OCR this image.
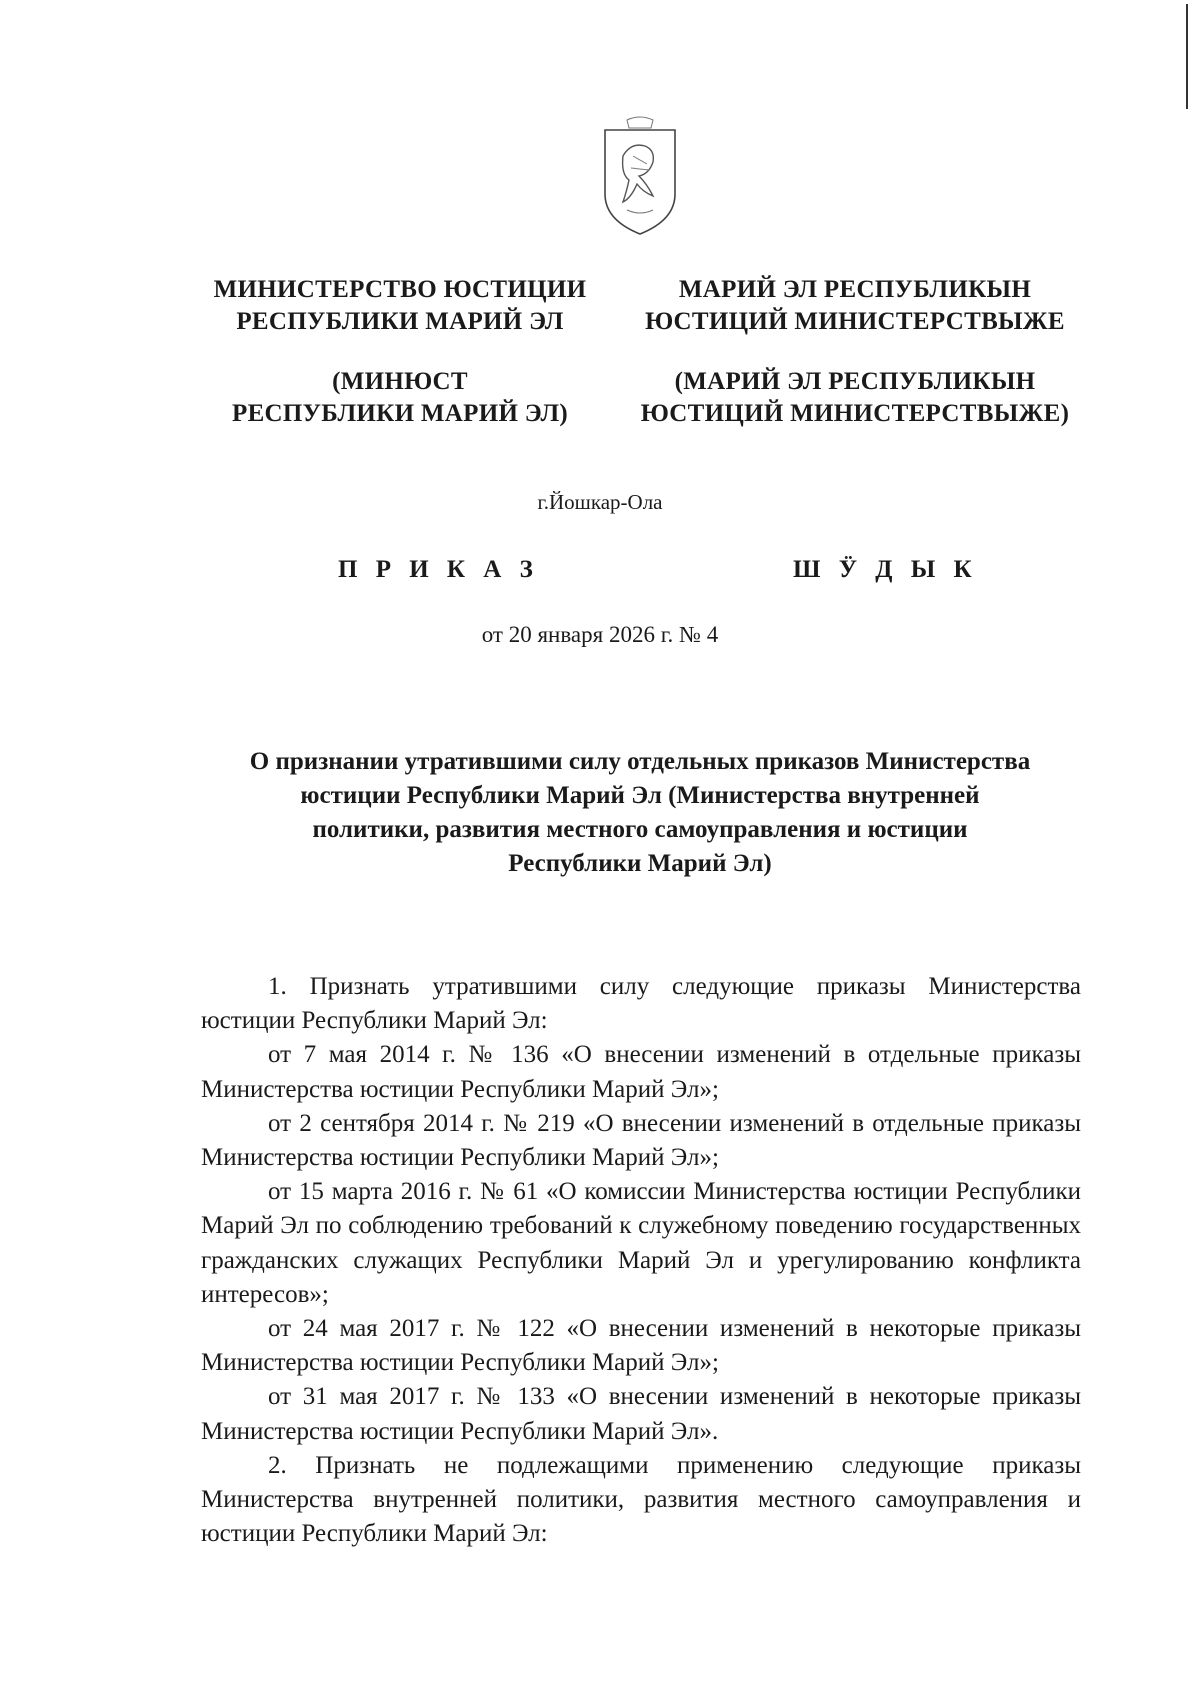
МИНИСТЕРСТВО ЮСТИЦИИ
РЕСПУБЛИКИ МАРИЙ ЭЛ
МАРИЙ ЭЛ РЕСПУБЛИКЫН
ЮСТИЦИЙ МИНИСТЕРСТВЫЖЕ
(МИНЮСТ
РЕСПУБЛИКИ МАРИЙ ЭЛ)
(МАРИЙ ЭЛ РЕСПУБЛИКЫН
ЮСТИЦИЙ МИНИСТЕРСТВЫЖЕ)
г.Йошкар-Ола
П Р И К А З	Ш Ӱ Д Ы К
от 20 января 2026 г. № 4
О признании утратившими силу отдельных приказов Министерства
юстиции Республики Марий Эл (Министерства внутренней
политики, развития местного самоуправления и юстиции
Республики Марий Эл)

1. Признать утратившими силу следующие приказы Министерства юстиции Республики Марий Эл:

от 7 мая 2014 г. № 136 «О внесении изменений в отдельные приказы Министерства юстиции Республики Марий Эл»;

от 2 сентября 2014 г. № 219 «О внесении изменений в отдельные приказы Министерства юстиции Республики Марий Эл»;

от 15 марта 2016 г. № 61 «О комиссии Министерства юстиции Республики Марий Эл по соблюдению требований к служебному поведению государственных гражданских служащих Республики Марий Эл и урегулированию конфликта интересов»;

от 24 мая 2017 г. № 122 «О внесении изменений в некоторые приказы Министерства юстиции Республики Марий Эл»;

от 31 мая 2017 г. № 133 «О внесении изменений в некоторые приказы Министерства юстиции Республики Марий Эл».

2. Признать не подлежащими применению следующие приказы Министерства внутренней политики, развития местного самоуправления и юстиции Республики Марий Эл:
